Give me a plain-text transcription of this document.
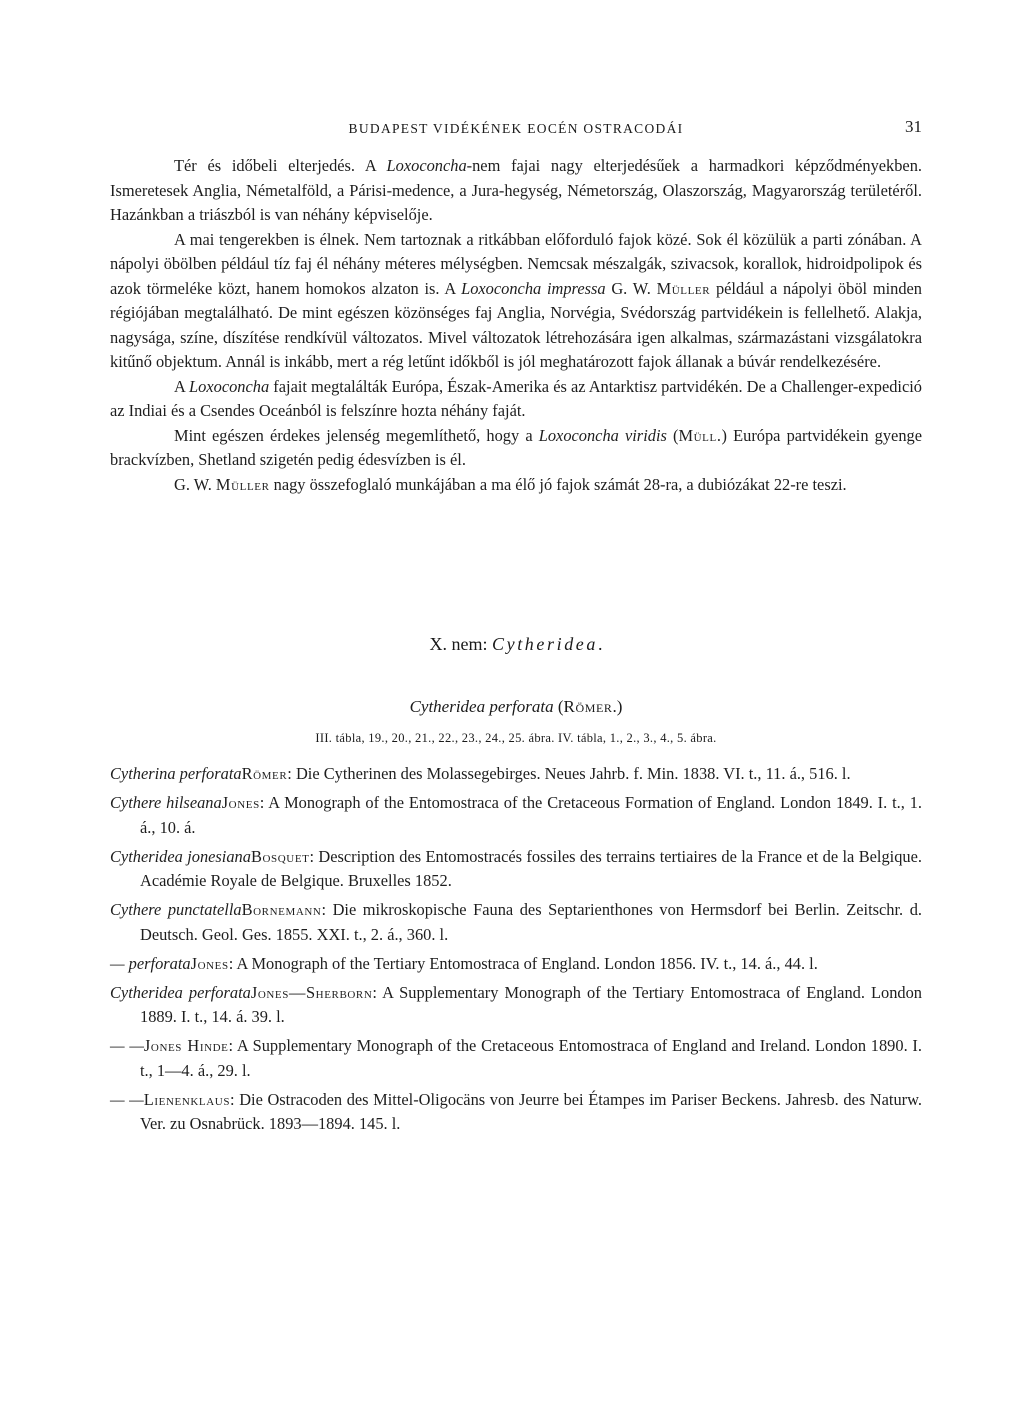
BUDAPEST VIDÉKÉNEK EOCÉN OSTRACODÁI	31

Tér és időbeli elterjedés. A Loxoconcha-nem fajai nagy elterjedésűek a harmadkori képződményekben. Ismeretesek Anglia, Németalföld, a Párisi-medence, a Jura-hegység, Németország, Olaszország, Magyarország területéről. Hazánkban a triászból is van néhány képviselője.

A mai tengerekben is élnek. Nem tartoznak a ritkábban előforduló fajok közé. Sok él közülük a parti zónában. A nápolyi öbölben például tíz faj él néhány méteres mélységben. Nemcsak mészalgák, szivacsok, korallok, hidroidpolipok és azok törmeléke közt, hanem homokos alzaton is. A Loxoconcha impressa G. W. Müller például a nápolyi öböl minden régiójában megtalálható. De mint egészen közönséges faj Anglia, Norvégia, Svédország partvidékein is fellelhető. Alakja, nagysága, színe, díszítése rendkívül változatos. Mivel változatok létrehozására igen alkalmas, származástani vizsgálatokra kitűnő objektum. Annál is inkább, mert a rég letűnt időkből is jól meghatározott fajok állanak a búvár rendelkezésére.

A Loxoconcha fajait megtalálták Európa, Észak-Amerika és az Antarktisz partvidékén. De a Challenger-expedició az Indiai és a Csendes Oceánból is felszínre hozta néhány faját.

Mint egészen érdekes jelenség megemlíthető, hogy a Loxoconcha viridis (Müll.) Európa partvidékein gyenge brackvízben, Shetland szigetén pedig édesvízben is él.

G. W. Müller nagy összefoglaló munkájában a ma élő jó fajok számát 28-ra, a dubiózákat 22-re teszi.

X. nem: Cytheridea.
Cytheridea perforata (Römer.)
III. tábla, 19., 20., 21., 22., 23., 24., 25. ábra. IV. tábla, 1., 2., 3., 4., 5. ábra.

Cytherina perforataRömer: Die Cytherinen des Molassegebirges. Neues Jahrb. f. Min. 1838. VI. t., 11. á., 516. l.

Cythere hilseanaJones: A Monograph of the Entomostraca of the Cretaceous Formation of England. London 1849. I. t., 1. á., 10. á.

Cytheridea jonesianaBosquet: Description des Entomostracés fossiles des terrains tertiaires de la France et de la Belgique. Académie Royale de Belgique. Bruxelles 1852.

Cythere punctatellaBornemann: Die mikroskopische Fauna des Septarienthones von Hermsdorf bei Berlin. Zeitschr. d. Deutsch. Geol. Ges. 1855. XXI. t., 2. á., 360. l.

— perforataJones: A Monograph of the Tertiary Entomostraca of England. London 1856. IV. t., 14. á., 44. l.

Cytheridea perforataJones—Sherborn: A Supplementary Monograph of the Tertiary Entomostraca of England. London 1889. I. t., 14. á. 39. l.

— —Jones Hinde: A Supplementary Monograph of the Cretaceous Entomostraca of England and Ireland. London 1890. I. t., 1—4. á., 29. l.

— —Lienenklaus: Die Ostracoden des Mittel-Oligocäns von Jeurre bei Étampes im Pariser Beckens. Jahresb. des Naturw. Ver. zu Osnabrück. 1893—1894. 145. l.
